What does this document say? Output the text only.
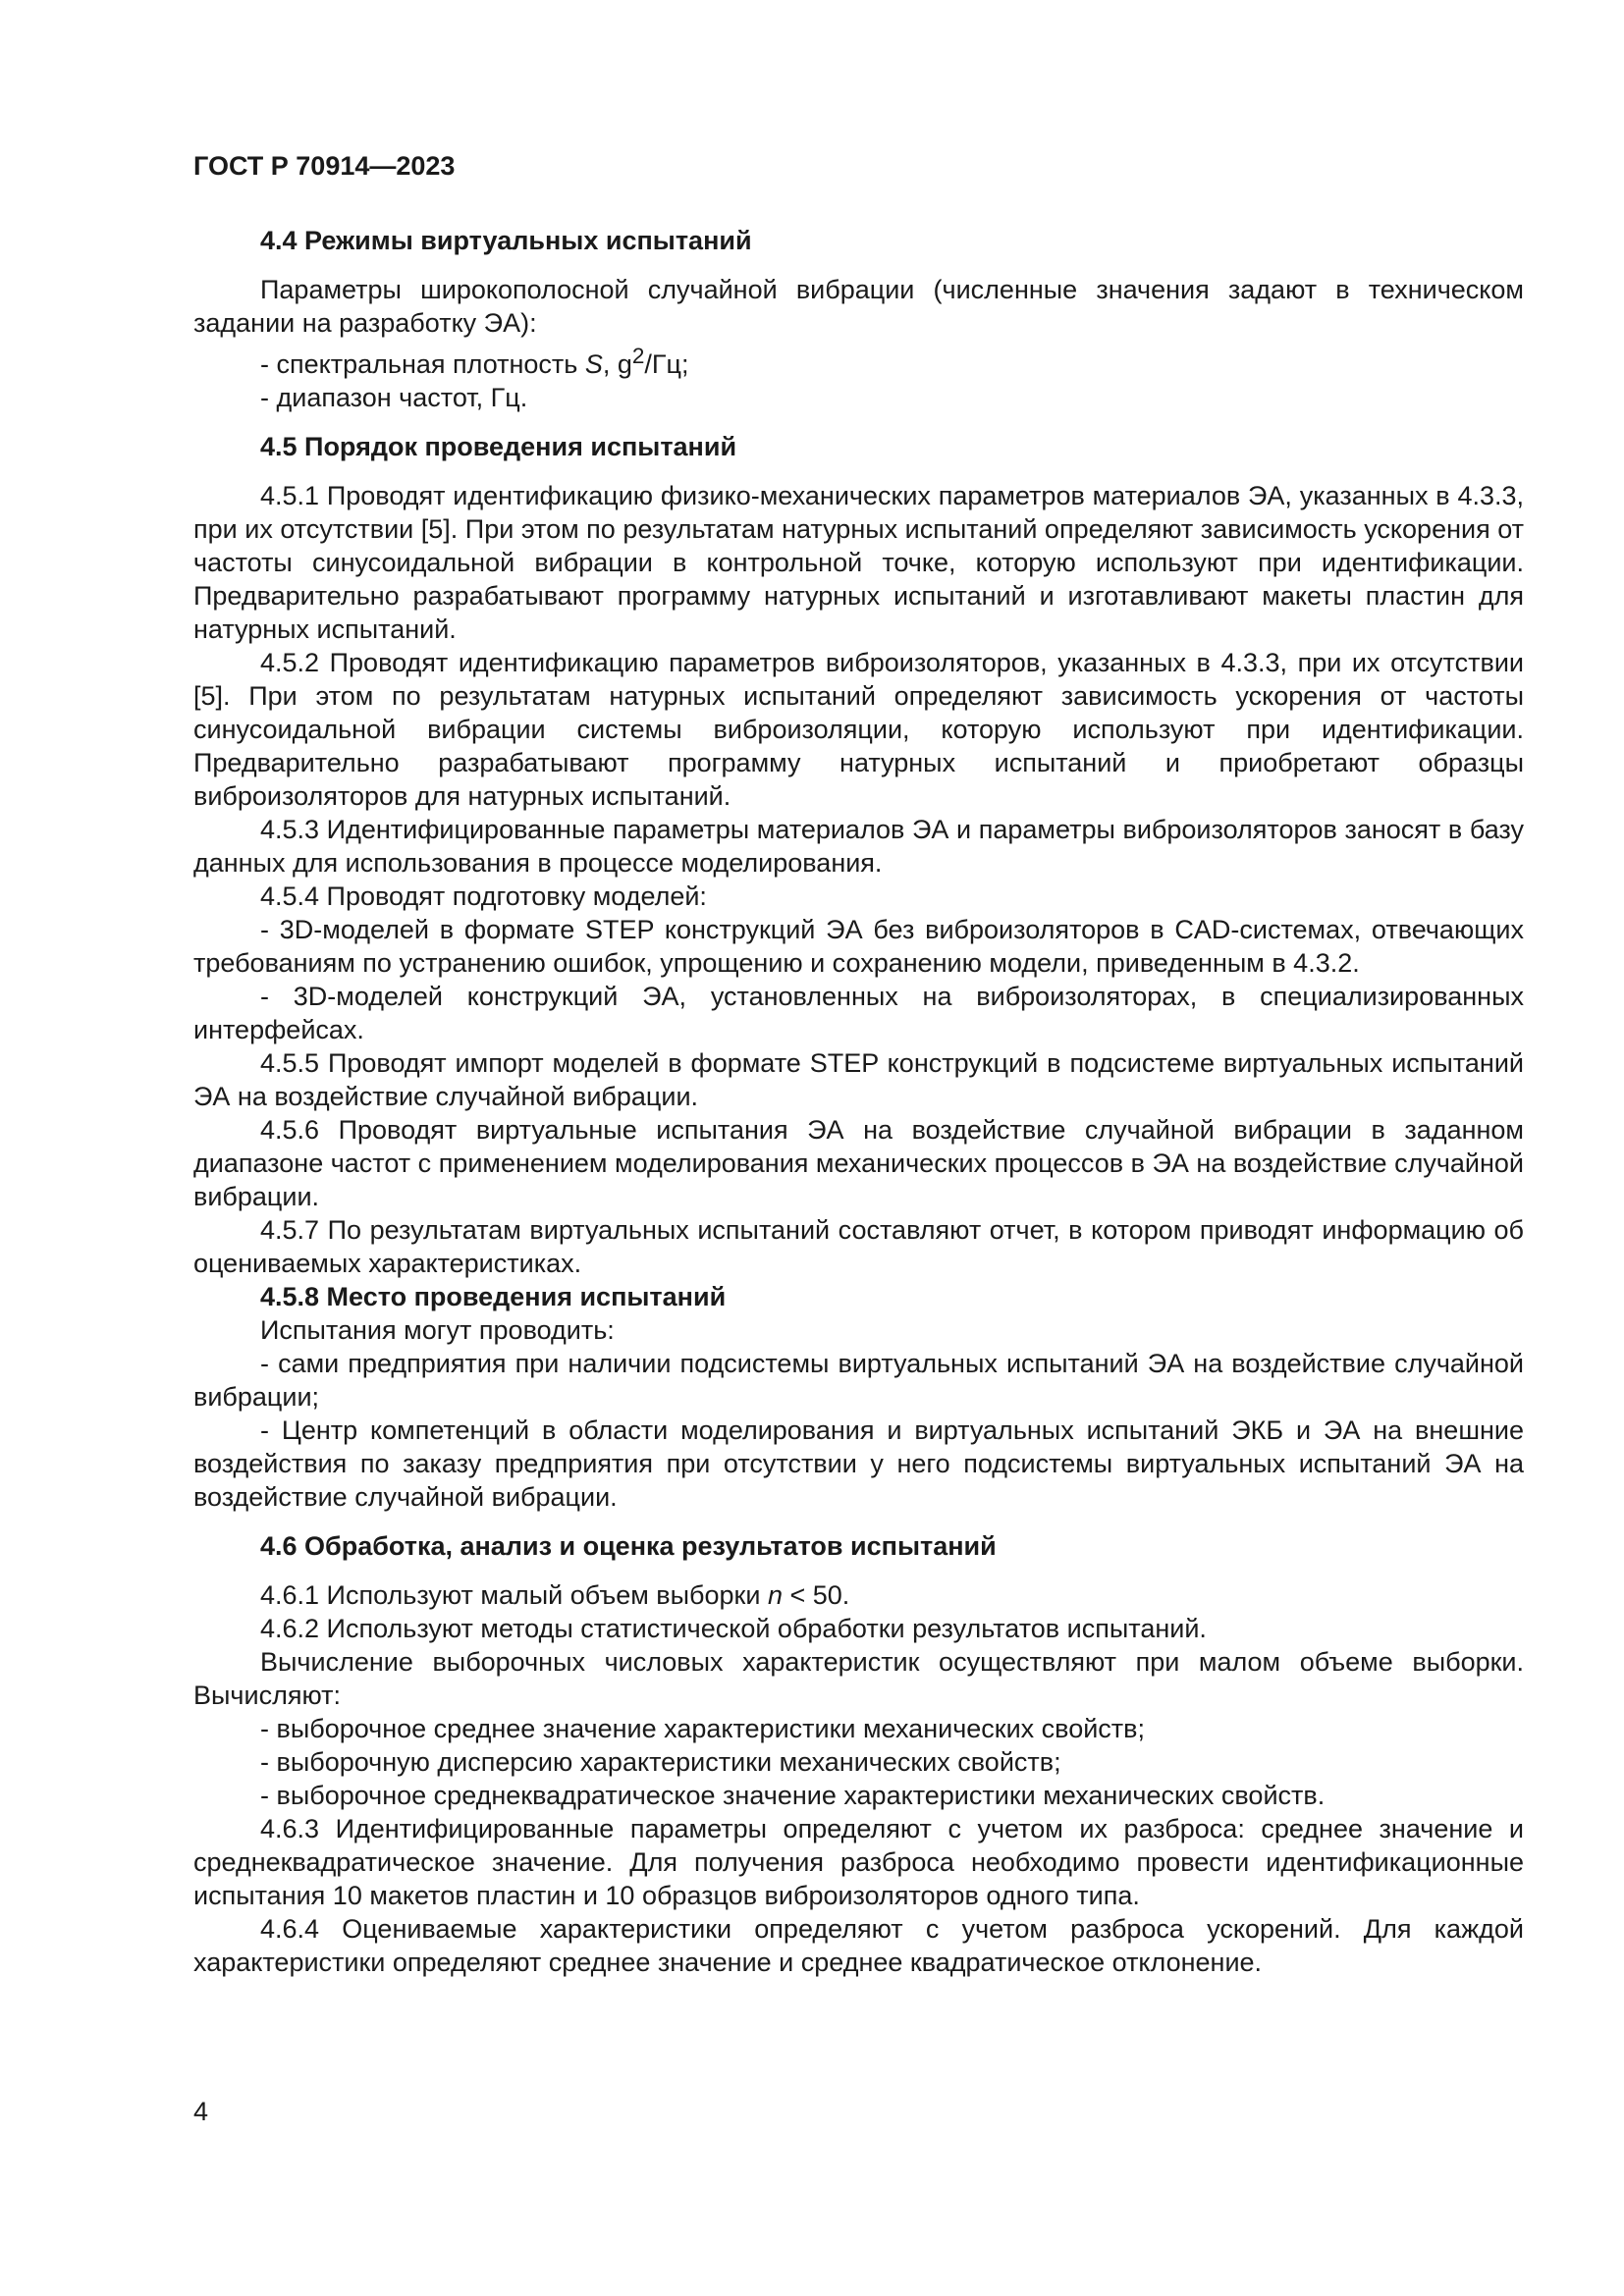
ГОСТ Р 70914—2023
4.4 Режимы виртуальных испытаний

Параметры широкополосной случайной вибрации (численные значения задают в техническом задании на разработку ЭА):

- спектральная плотность S, $g^2/Гц$;

- диапазон частот, Гц.

4.5 Порядок проведения испытаний

4.5.1 Проводят идентификацию физико-механических параметров материалов ЭА, указанных в 4.3.3, при их отсутствии [5]. При этом по результатам натурных испытаний определяют зависимость ускорения от частоты синусоидальной вибрации в контрольной точке, которую используют при идентификации. Предварительно разрабатывают программу натурных испытаний и изготавливают макеты пластин для натурных испытаний.

4.5.2 Проводят идентификацию параметров виброизоляторов, указанных в 4.3.3, при их отсутствии [5]. При этом по результатам натурных испытаний определяют зависимость ускорения от частоты синусоидальной вибрации системы виброизоляции, которую используют при идентификации. Предварительно разрабатывают программу натурных испытаний и приобретают образцы виброизоляторов для натурных испытаний.

4.5.3 Идентифицированные параметры материалов ЭА и параметры виброизоляторов заносят в базу данных для использования в процессе моделирования.

4.5.4 Проводят подготовку моделей:

- 3D-моделей в формате STEP конструкций ЭА без виброизоляторов в CAD-системах, отвечающих требованиям по устранению ошибок, упрощению и сохранению модели, приведенным в 4.3.2.

- 3D-моделей конструкций ЭА, установленных на виброизоляторах, в специализированных интерфейсах.

4.5.5 Проводят импорт моделей в формате STEP конструкций в подсистеме виртуальных испытаний ЭА на воздействие случайной вибрации.

4.5.6 Проводят виртуальные испытания ЭА на воздействие случайной вибрации в заданном диапазоне частот с применением моделирования механических процессов в ЭА на воздействие случайной вибрации.

4.5.7 По результатам виртуальных испытаний составляют отчет, в котором приводят информацию об оцениваемых характеристиках.

4.5.8 Место проведения испытаний

Испытания могут проводить:

- сами предприятия при наличии подсистемы виртуальных испытаний ЭА на воздействие случайной вибрации;

- Центр компетенций в области моделирования и виртуальных испытаний ЭКБ и ЭА на внешние воздействия по заказу предприятия при отсутствии у него подсистемы виртуальных испытаний ЭА на воздействие случайной вибрации.

4.6 Обработка, анализ и оценка результатов испытаний

4.6.1 Используют малый объем выборки n < 50.

4.6.2 Используют методы статистической обработки результатов испытаний.

Вычисление выборочных числовых характеристик осуществляют при малом объеме выборки. Вычисляют:

- выборочное среднее значение характеристики механических свойств;

- выборочную дисперсию характеристики механических свойств;

- выборочное среднеквадратическое значение характеристики механических свойств.

4.6.3 Идентифицированные параметры определяют с учетом их разброса: среднее значение и среднеквадратическое значение. Для получения разброса необходимо провести идентификационные испытания 10 макетов пластин и 10 образцов виброизоляторов одного типа.

4.6.4 Оцениваемые характеристики определяют с учетом разброса ускорений. Для каждой характеристики определяют среднее значение и среднее квадратическое отклонение.

4
